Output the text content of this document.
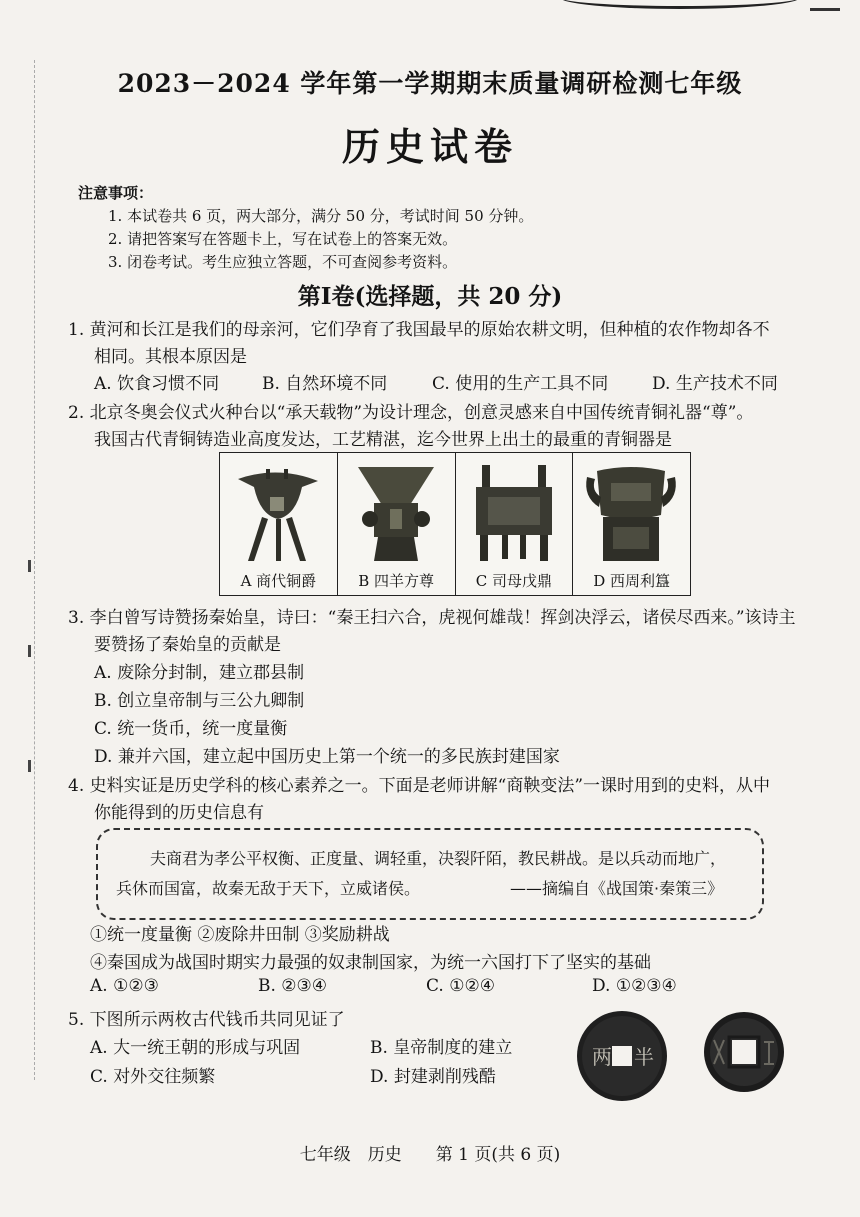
2023－2024 学年第一学期期末质量调研检测七年级
历史试卷
注意事项：
1. 本试卷共 6 页，两大部分，满分 50 分，考试时间 50 分钟。
2. 请把答案写在答题卡上，写在试卷上的答案无效。
3. 闭卷考试。考生应独立答题，不可查阅参考资料。
第Ⅰ卷(选择题，共 20 分)
1. 黄河和长江是我们的母亲河，它们孕育了我国最早的原始农耕文明，但种植的农作物却各不
相同。其根本原因是
A. 饮食习惯不同	B. 自然环境不同	C. 使用的生产工具不同	D. 生产技术不同
2. 北京冬奥会仪式火种台以“承天载物”为设计理念，创意灵感来自中国传统青铜礼器“尊”。
我国古代青铜铸造业高度发达，工艺精湛，迄今世界上出土的最重的青铜器是
A 商代铜爵	B 四羊方尊	C 司母戊鼎	D 西周利簋
3. 李白曾写诗赞扬秦始皇，诗曰：“秦王扫六合，虎视何雄哉！挥剑决浮云，诸侯尽西来。”该诗主
要赞扬了秦始皇的贡献是
A. 废除分封制，建立郡县制
B. 创立皇帝制与三公九卿制
C. 统一货币，统一度量衡
D. 兼并六国，建立起中国历史上第一个统一的多民族封建国家
4. 史料实证是历史学科的核心素养之一。下面是老师讲解“商鞅变法”一课时用到的史料，从中
你能得到的历史信息有
夫商君为孝公平权衡、正度量、调轻重，决裂阡陌，教民耕战。是以兵动而地广，
兵休而国富，故秦无敌于天下，立威诸侯。	——摘编自《战国策·秦策三》
①统一度量衡 ②废除井田制 ③奖励耕战
④秦国成为战国时期实力最强的奴隶制国家，为统一六国打下了坚实的基础
A. ①②③	B. ②③④	C. ①②④	D. ①②③④
5. 下图所示两枚古代钱币共同见证了
A. 大一统王朝的形成与巩固	B. 皇帝制度的建立
C. 对外交往频繁	D. 封建剥削残酷
两 半
七年级　历史　　第 1 页(共 6 页)
